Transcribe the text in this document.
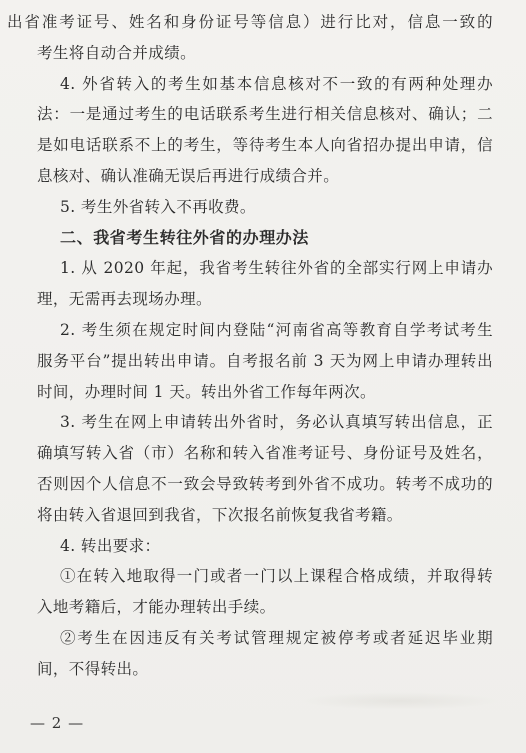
出省准考证号、姓名和身份证号等信息）进行比对，信息一致的
考生将自动合并成绩。
4. 外省转入的考生如基本信息核对不一致的有两种处理办
法：一是通过考生的电话联系考生进行相关信息核对、确认；二
是如电话联系不上的考生，等待考生本人向省招办提出申请，信
息核对、确认准确无误后再进行成绩合并。
5. 考生外省转入不再收费。
二、我省考生转往外省的办理办法
1. 从 2020 年起，我省考生转往外省的全部实行网上申请办
理，无需再去现场办理。
2. 考生须在规定时间内登陆“河南省高等教育自学考试考生
服务平台”提出转出申请。自考报名前 3 天为网上申请办理转出
时间，办理时间 1 天。转出外省工作每年两次。
3. 考生在网上申请转出外省时，务必认真填写转出信息，正
确填写转入省（市）名称和转入省准考证号、身份证号及姓名，
否则因个人信息不一致会导致转考到外省不成功。转考不成功的
将由转入省退回到我省，下次报名前恢复我省考籍。
4. 转出要求：
①在转入地取得一门或者一门以上课程合格成绩，并取得转
入地考籍后，才能办理转出手续。
②考生在因违反有关考试管理规定被停考或者延迟毕业期
间，不得转出。
— 2 —
